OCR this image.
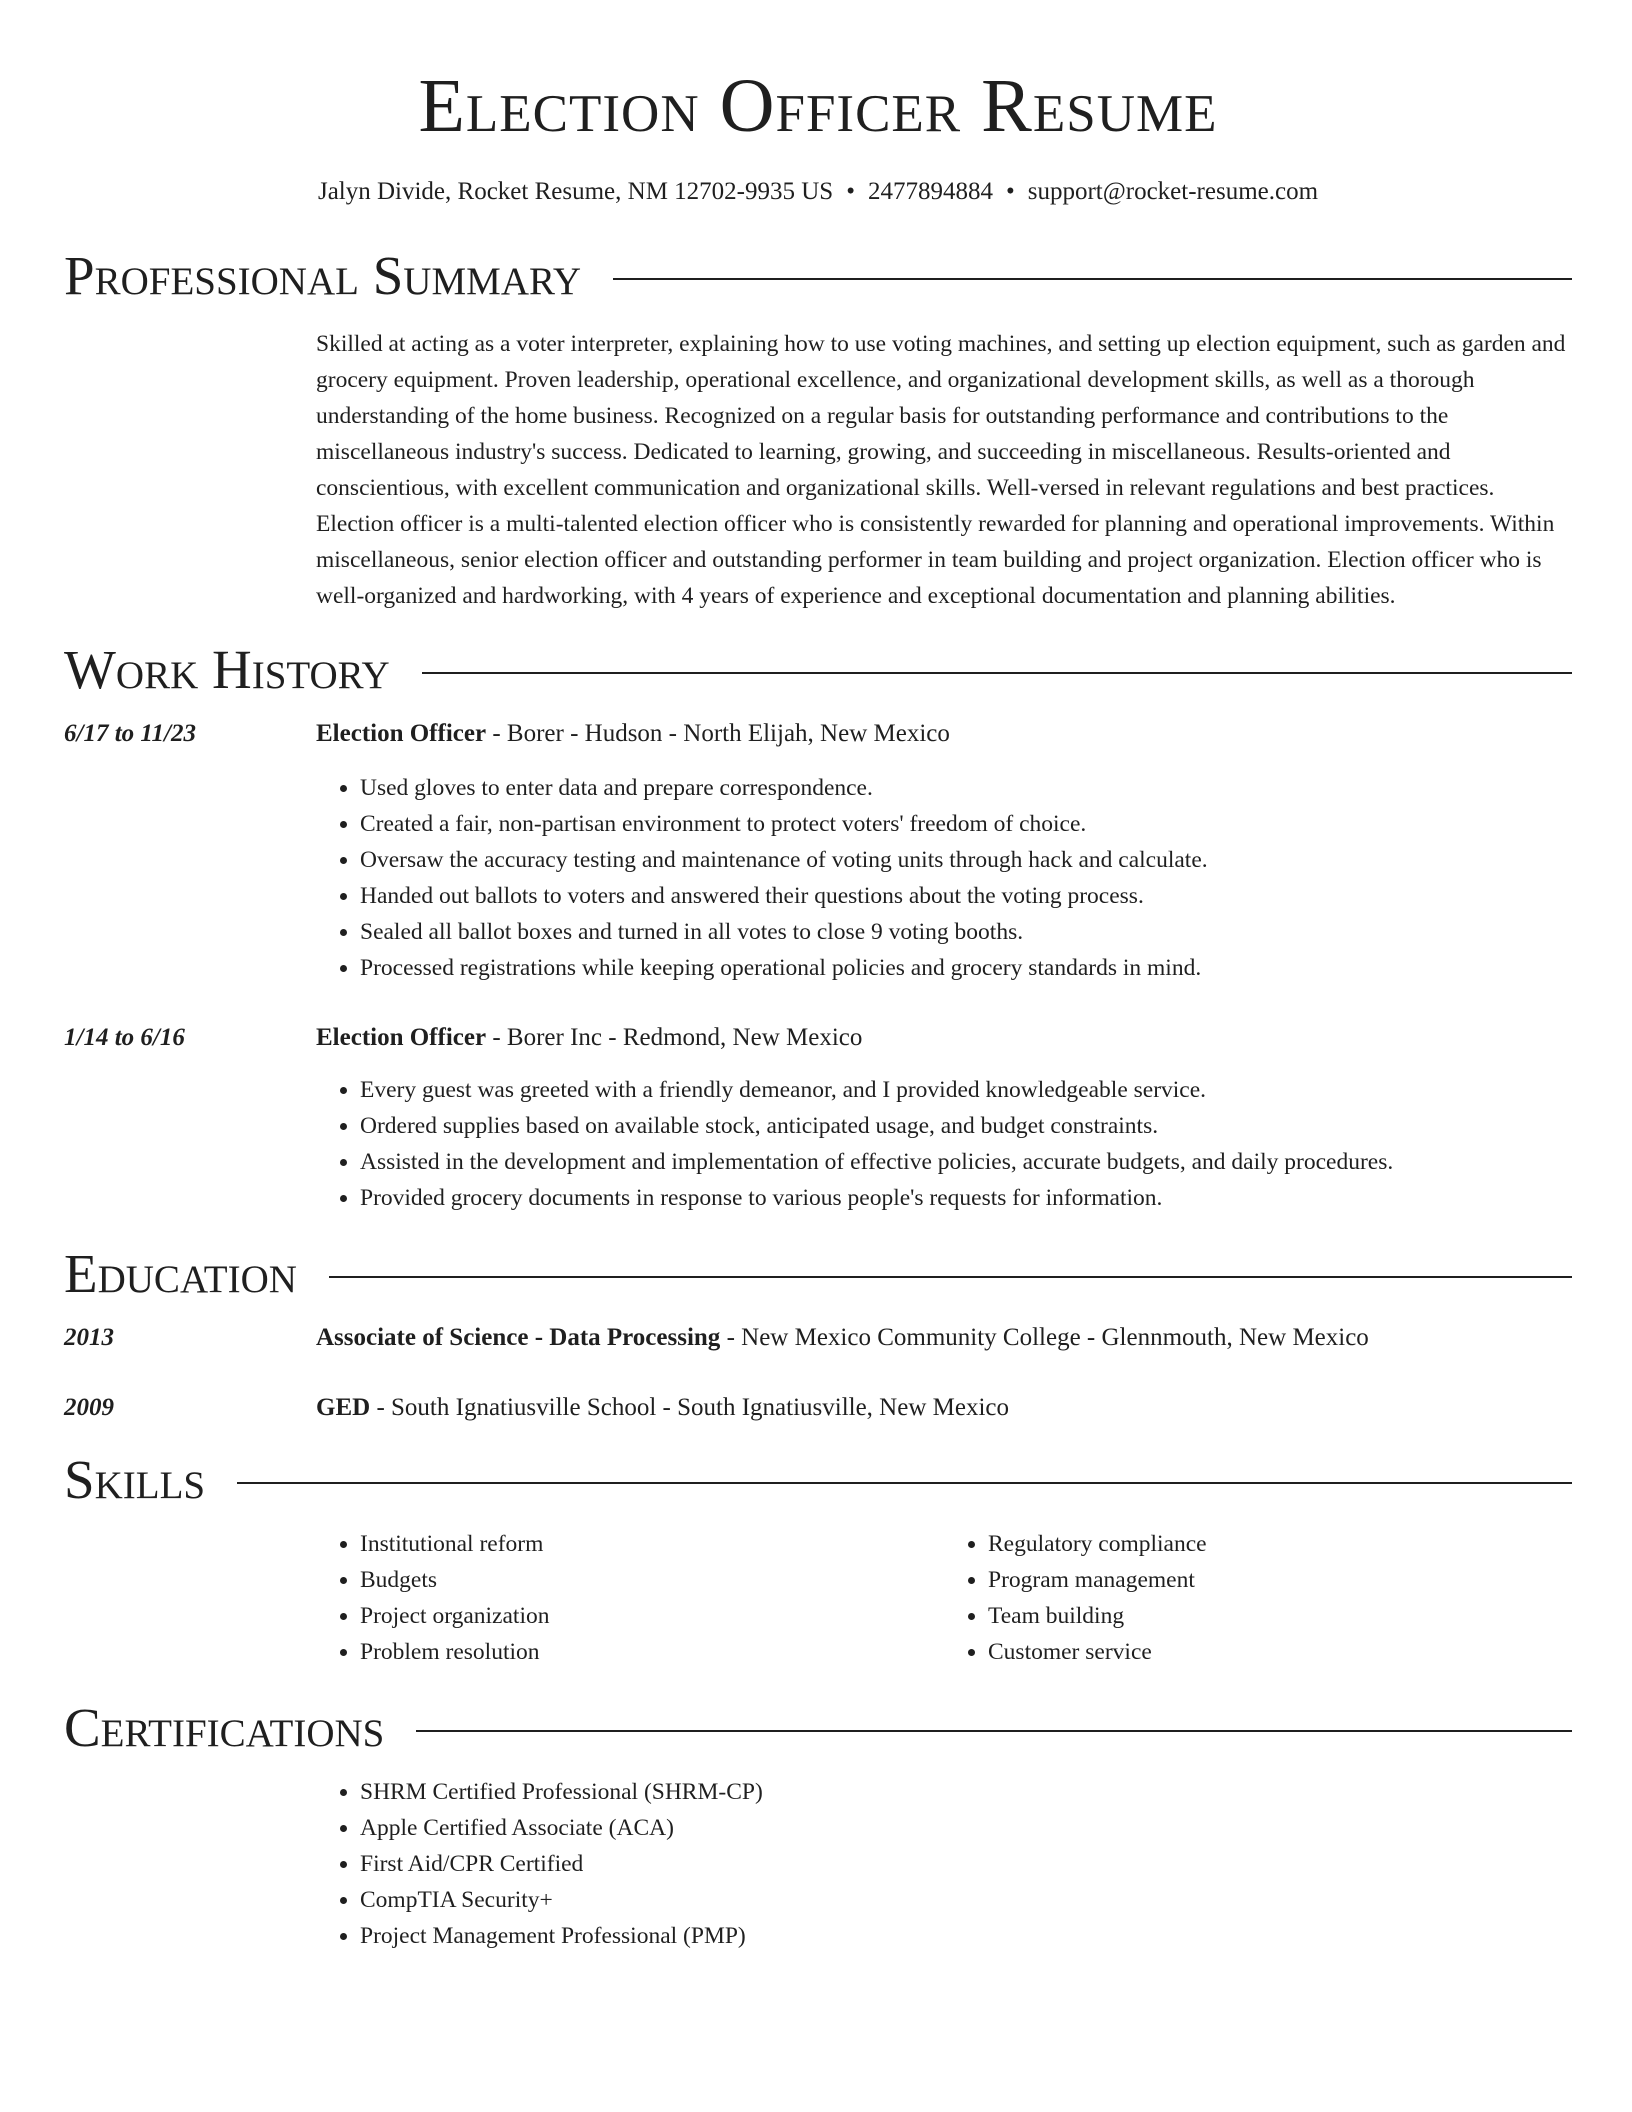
Election Officer Resume
Jalyn Divide, Rocket Resume, NM 12702-9935 US • 2477894884 • support@rocket-resume.com
Professional Summary
Skilled at acting as a voter interpreter, explaining how to use voting machines, and setting up election equipment, such as garden and grocery equipment. Proven leadership, operational excellence, and organizational development skills, as well as a thorough understanding of the home business. Recognized on a regular basis for outstanding performance and contributions to the miscellaneous industry's success. Dedicated to learning, growing, and succeeding in miscellaneous. Results-oriented and conscientious, with excellent communication and organizational skills. Well-versed in relevant regulations and best practices. Election officer is a multi-talented election officer who is consistently rewarded for planning and operational improvements. Within miscellaneous, senior election officer and outstanding performer in team building and project organization. Election officer who is well-organized and hardworking, with 4 years of experience and exceptional documentation and planning abilities.
Work History
6/17 to 11/23	Election Officer - Borer - Hudson - North Elijah, New Mexico
• Used gloves to enter data and prepare correspondence.
• Created a fair, non-partisan environment to protect voters' freedom of choice.
• Oversaw the accuracy testing and maintenance of voting units through hack and calculate.
• Handed out ballots to voters and answered their questions about the voting process.
• Sealed all ballot boxes and turned in all votes to close 9 voting booths.
• Processed registrations while keeping operational policies and grocery standards in mind.
1/14 to 6/16	Election Officer - Borer Inc - Redmond, New Mexico
• Every guest was greeted with a friendly demeanor, and I provided knowledgeable service.
• Ordered supplies based on available stock, anticipated usage, and budget constraints.
• Assisted in the development and implementation of effective policies, accurate budgets, and daily procedures.
• Provided grocery documents in response to various people's requests for information.
Education
2013	Associate of Science - Data Processing - New Mexico Community College - Glennmouth, New Mexico
2009	GED - South Ignatiusville School - South Ignatiusville, New Mexico
Skills
• Institutional reform
• Budgets
• Project organization
• Problem resolution
• Regulatory compliance
• Program management
• Team building
• Customer service
Certifications
• SHRM Certified Professional (SHRM-CP)
• Apple Certified Associate (ACA)
• First Aid/CPR Certified
• CompTIA Security+
• Project Management Professional (PMP)
